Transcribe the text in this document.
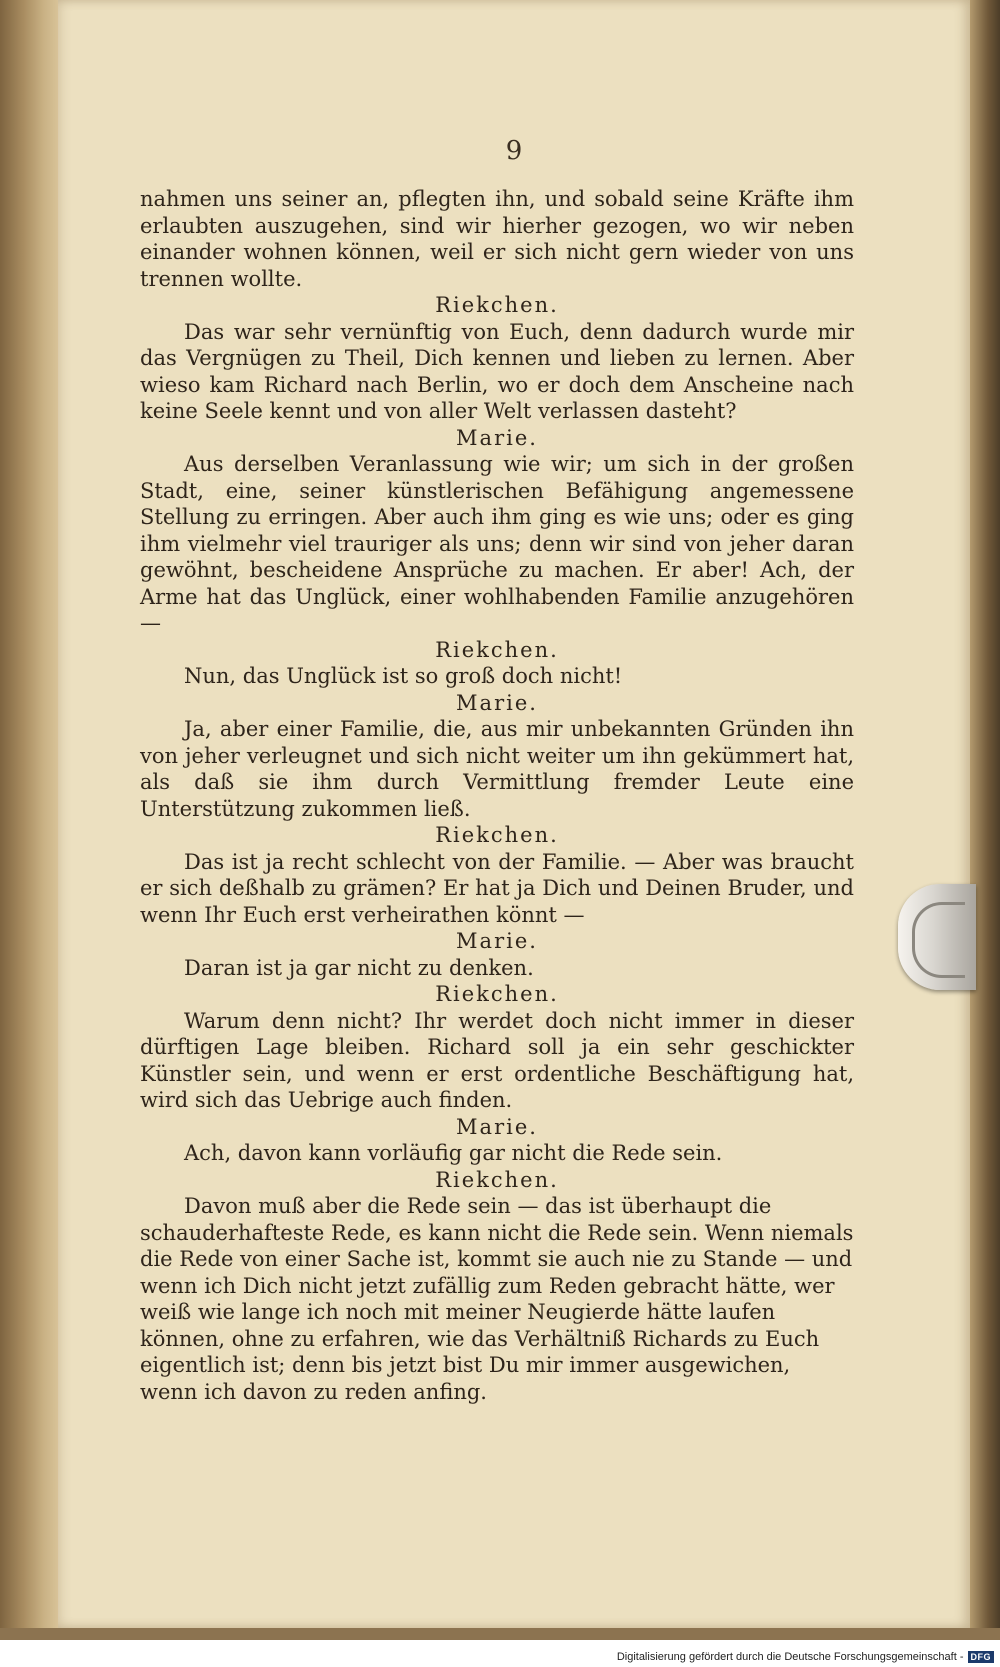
9

nahmen uns seiner an, pflegten ihn, und sobald seine Kräfte ihm erlaubten auszugehen, sind wir hierher gezogen, wo wir neben einander wohnen können, weil er sich nicht gern wieder von uns trennen wollte.

Riekchen.

Das war sehr vernünftig von Euch, denn dadurch wurde mir das Vergnügen zu Theil, Dich kennen und lieben zu lernen. Aber wieso kam Richard nach Berlin, wo er doch dem Anscheine nach keine Seele kennt und von aller Welt verlassen dasteht?

Marie.

Aus derselben Veranlassung wie wir; um sich in der großen Stadt, eine, seiner künstlerischen Befähigung angemessene Stellung zu erringen. Aber auch ihm ging es wie uns; oder es ging ihm vielmehr viel trauriger als uns; denn wir sind von jeher daran gewöhnt, bescheidene Ansprüche zu machen. Er aber! Ach, der Arme hat das Unglück, einer wohlhabenden Familie anzugehören —

Riekchen.

Nun, das Unglück ist so groß doch nicht!

Marie.

Ja, aber einer Familie, die, aus mir unbekannten Gründen ihn von jeher verleugnet und sich nicht weiter um ihn gekümmert hat, als daß sie ihm durch Vermittlung fremder Leute eine Unterstützung zukommen ließ.

Riekchen.

Das ist ja recht schlecht von der Familie. — Aber was braucht er sich deßhalb zu grämen? Er hat ja Dich und Deinen Bruder, und wenn Ihr Euch erst verheirathen könnt —

Marie.

Daran ist ja gar nicht zu denken.

Riekchen.

Warum denn nicht? Ihr werdet doch nicht immer in dieser dürftigen Lage bleiben. Richard soll ja ein sehr geschickter Künstler sein, und wenn er erst ordentliche Beschäftigung hat, wird sich das Uebrige auch finden.

Marie.

Ach, davon kann vorläufig gar nicht die Rede sein.

Riekchen.

Davon muß aber die Rede sein — das ist überhaupt die schauderhafteste Rede, es kann nicht die Rede sein. Wenn niemals die Rede von einer Sache ist, kommt sie auch nie zu Stande — und wenn ich Dich nicht jetzt zufällig zum Reden gebracht hätte, wer weiß wie lange ich noch mit meiner Neugierde hätte laufen können, ohne zu erfahren, wie das Verhältniß Richards zu Euch eigentlich ist; denn bis jetzt bist Du mir immer ausgewichen, wenn ich davon zu reden anfing.

Digitalisierung gefördert durch die Deutsche Forschungsgemeinschaft - DFG
